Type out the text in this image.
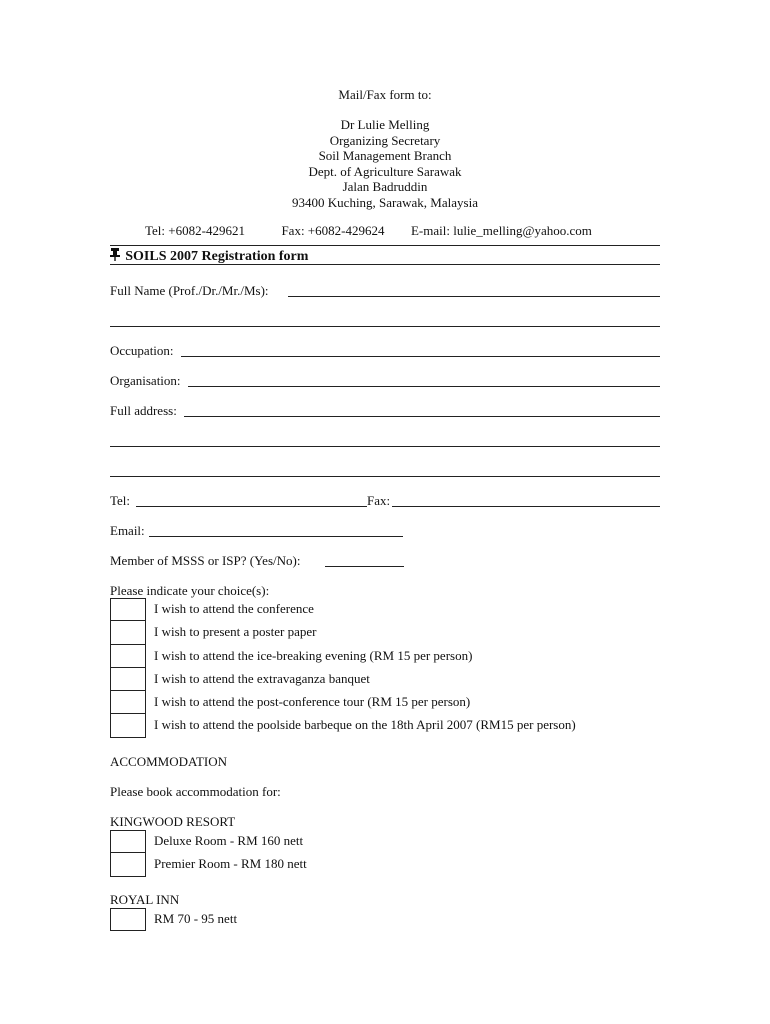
Mail/Fax form to:
Dr Lulie Melling
Organizing Secretary
Soil Management Branch
Dept. of Agriculture Sarawak
Jalan Badruddin
93400 Kuching, Sarawak, Malaysia
Tel: +6082-429621	Fax: +6082-429624 E-mail: lulie_melling@yahoo.com
SOILS 2007 Registration form
Full Name (Prof./Dr./Mr./Ms):
Occupation:
Organisation:
Full address:
Tel:	Fax:
Email:
Member of MSSS or ISP? (Yes/No):
Please indicate your choice(s):
I wish to attend the conference
I wish to present a poster paper
I wish to attend the ice-breaking evening (RM 15 per person)
I wish to attend the extravaganza banquet
I wish to attend the post-conference tour (RM 15 per person)
I wish to attend the poolside barbeque on the 18th April 2007 (RM15 per person)
ACCOMMODATION
Please book accommodation for:
KINGWOOD RESORT
Deluxe Room - RM 160 nett
Premier Room - RM 180 nett
ROYAL INN
RM 70 - 95 nett
